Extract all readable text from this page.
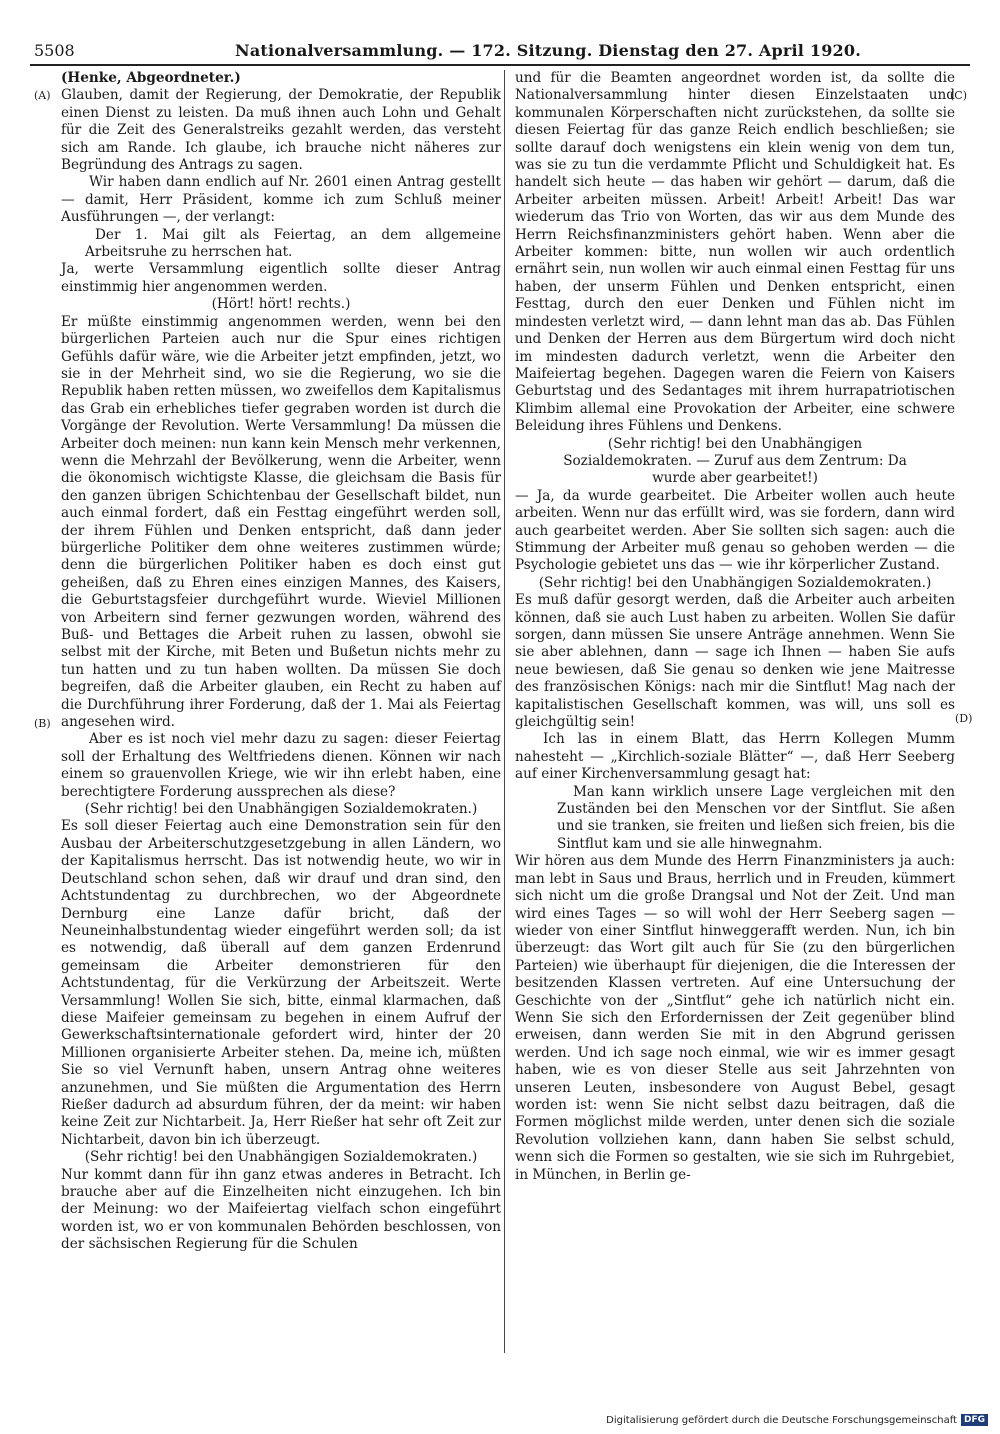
5508	Nationalversammlung. — 172. Sitzung. Dienstag den 27. April 1920.
(A)
(B)
(C)
(D)

(Henke, Abgeordneter.)

Glauben, damit der Regierung, der Demokratie, der Republik einen Dienst zu leisten. Da muß ihnen auch Lohn und Gehalt für die Zeit des Generalstreiks gezahlt werden, das versteht sich am Rande. Ich glaube, ich brauche nicht näheres zur Begründung des Antrags zu sagen.

Wir haben dann endlich auf Nr. 2601 einen Antrag gestellt — damit, Herr Präsident, komme ich zum Schluß meiner Ausführungen —, der verlangt:

Der 1. Mai gilt als Feiertag, an dem allgemeine Arbeitsruhe zu herrschen hat.

Ja, werte Versammlung eigentlich sollte dieser Antrag einstimmig hier angenommen werden.

(Hört! hört! rechts.)

Er müßte einstimmig angenommen werden, wenn bei den bürgerlichen Parteien auch nur die Spur eines richtigen Gefühls dafür wäre, wie die Arbeiter jetzt empfinden, jetzt, wo sie in der Mehrheit sind, wo sie die Regierung, wo sie die Republik haben retten müssen, wo zweifellos dem Kapitalismus das Grab ein erhebliches tiefer gegraben worden ist durch die Vorgänge der Revolution. Werte Versammlung! Da müssen die Arbeiter doch meinen: nun kann kein Mensch mehr verkennen, wenn die Mehrzahl der Bevölkerung, wenn die Arbeiter, wenn die ökonomisch wichtigste Klasse, die gleichsam die Basis für den ganzen übrigen Schichtenbau der Gesellschaft bildet, nun auch einmal fordert, daß ein Festtag eingeführt werden soll, der ihrem Fühlen und Denken entspricht, daß dann jeder bürgerliche Politiker dem ohne weiteres zustimmen würde; denn die bürgerlichen Politiker haben es doch einst gut geheißen, daß zu Ehren eines einzigen Mannes, des Kaisers, die Geburtstagsfeier durchgeführt wurde. Wieviel Millionen von Arbeitern sind ferner gezwungen worden, während des Buß- und Bettages die Arbeit ruhen zu lassen, obwohl sie selbst mit der Kirche, mit Beten und Bußetun nichts mehr zu tun hatten und zu tun haben wollten. Da müssen Sie doch begreifen, daß die Arbeiter glauben, ein Recht zu haben auf die Durchführung ihrer Forderung, daß der 1. Mai als Feiertag angesehen wird.

Aber es ist noch viel mehr dazu zu sagen: dieser Feiertag soll der Erhaltung des Weltfriedens dienen. Können wir nach einem so grauenvollen Kriege, wie wir ihn erlebt haben, eine berechtigtere Forderung aussprechen als diese?

(Sehr richtig! bei den Unabhängigen Sozialdemokraten.)

Es soll dieser Feiertag auch eine Demonstration sein für den Ausbau der Arbeiterschutzgesetzgebung in allen Ländern, wo der Kapitalismus herrscht. Das ist notwendig heute, wo wir in Deutschland schon sehen, daß wir drauf und dran sind, den Achtstundentag zu durchbrechen, wo der Abgeordnete Dernburg eine Lanze dafür bricht, daß der Neuneinhalbstundentag wieder eingeführt werden soll; da ist es notwendig, daß überall auf dem ganzen Erdenrund gemeinsam die Arbeiter demonstrieren für den Achtstundentag, für die Verkürzung der Arbeitszeit. Werte Versammlung! Wollen Sie sich, bitte, einmal klarmachen, daß diese Maifeier gemeinsam zu begehen in einem Aufruf der Gewerkschaftsinternationale gefordert wird, hinter der 20 Millionen organisierte Arbeiter stehen. Da, meine ich, müßten Sie so viel Vernunft haben, unsern Antrag ohne weiteres anzunehmen, und Sie müßten die Argumentation des Herrn Rießer dadurch ad absurdum führen, der da meint: wir haben keine Zeit zur Nichtarbeit. Ja, Herr Rießer hat sehr oft Zeit zur Nichtarbeit, davon bin ich überzeugt.

(Sehr richtig! bei den Unabhängigen Sozialdemokraten.)

Nur kommt dann für ihn ganz etwas anderes in Betracht. Ich brauche aber auf die Einzelheiten nicht einzugehen. Ich bin der Meinung: wo der Maifeiertag vielfach schon eingeführt worden ist, wo er von kommunalen Behörden beschlossen, von der sächsischen Regierung für die Schulen

und für die Beamten angeordnet worden ist, da sollte die Nationalversammlung hinter diesen Einzelstaaten und kommunalen Körperschaften nicht zurückstehen, da sollte sie diesen Feiertag für das ganze Reich endlich beschließen; sie sollte darauf doch wenigstens ein klein wenig von dem tun, was sie zu tun die verdammte Pflicht und Schuldigkeit hat. Es handelt sich heute — das haben wir gehört — darum, daß die Arbeiter arbeiten müssen. Arbeit! Arbeit! Arbeit! Das war wiederum das Trio von Worten, das wir aus dem Munde des Herrn Reichsfinanzministers gehört haben. Wenn aber die Arbeiter kommen: bitte, nun wollen wir auch ordentlich ernährt sein, nun wollen wir auch einmal einen Festtag für uns haben, der unserm Fühlen und Denken entspricht, einen Festtag, durch den euer Denken und Fühlen nicht im mindesten verletzt wird, — dann lehnt man das ab. Das Fühlen und Denken der Herren aus dem Bürgertum wird doch nicht im mindesten dadurch verletzt, wenn die Arbeiter den Maifeiertag begehen. Dagegen waren die Feiern von Kaisers Geburtstag und des Sedantages mit ihrem hurrapatriotischen Klimbim allemal eine Provokation der Arbeiter, eine schwere Beleidung ihres Fühlens und Denkens.

(Sehr richtig! bei den Unabhängigen Sozialdemokraten. — Zuruf aus dem Zentrum: Da wurde aber gearbeitet!)

— Ja, da wurde gearbeitet. Die Arbeiter wollen auch heute arbeiten. Wenn nur das erfüllt wird, was sie fordern, dann wird auch gearbeitet werden. Aber Sie sollten sich sagen: auch die Stimmung der Arbeiter muß genau so gehoben werden — die Psychologie gebietet uns das — wie ihr körperlicher Zustand.

(Sehr richtig! bei den Unabhängigen Sozialdemokraten.)

Es muß dafür gesorgt werden, daß die Arbeiter auch arbeiten können, daß sie auch Lust haben zu arbeiten. Wollen Sie dafür sorgen, dann müssen Sie unsere Anträge annehmen. Wenn Sie sie aber ablehnen, dann — sage ich Ihnen — haben Sie aufs neue bewiesen, daß Sie genau so denken wie jene Maitresse des französischen Königs: nach mir die Sintflut! Mag nach der kapitalistischen Gesellschaft kommen, was will, uns soll es gleichgültig sein!

Ich las in einem Blatt, das Herrn Kollegen Mumm nahesteht — „Kirchlich-soziale Blätter“ —, daß Herr Seeberg auf einer Kirchenversammlung gesagt hat:

Man kann wirklich unsere Lage vergleichen mit den Zuständen bei den Menschen vor der Sintflut. Sie aßen und sie tranken, sie freiten und ließen sich freien, bis die Sintflut kam und sie alle hinwegnahm.

Wir hören aus dem Munde des Herrn Finanzministers ja auch: man lebt in Saus und Braus, herrlich und in Freuden, kümmert sich nicht um die große Drangsal und Not der Zeit. Und man wird eines Tages — so will wohl der Herr Seeberg sagen — wieder von einer Sintflut hinweggerafft werden. Nun, ich bin überzeugt: das Wort gilt auch für Sie (zu den bürgerlichen Parteien) wie überhaupt für diejenigen, die die Interessen der besitzenden Klassen vertreten. Auf eine Untersuchung der Geschichte von der „Sintflut“ gehe ich natürlich nicht ein. Wenn Sie sich den Erfordernissen der Zeit gegenüber blind erweisen, dann werden Sie mit in den Abgrund gerissen werden. Und ich sage noch einmal, wie wir es immer gesagt haben, wie es von dieser Stelle aus seit Jahrzehnten von unseren Leuten, insbesondere von August Bebel, gesagt worden ist: wenn Sie nicht selbst dazu beitragen, daß die Formen möglichst milde werden, unter denen sich die soziale Revolution vollziehen kann, dann haben Sie selbst schuld, wenn sich die Formen so gestalten, wie sie sich im Ruhrgebiet, in München, in Berlin ge-

Digitalisierung gefördert durch die Deutsche Forschungsgemeinschaft DFG
